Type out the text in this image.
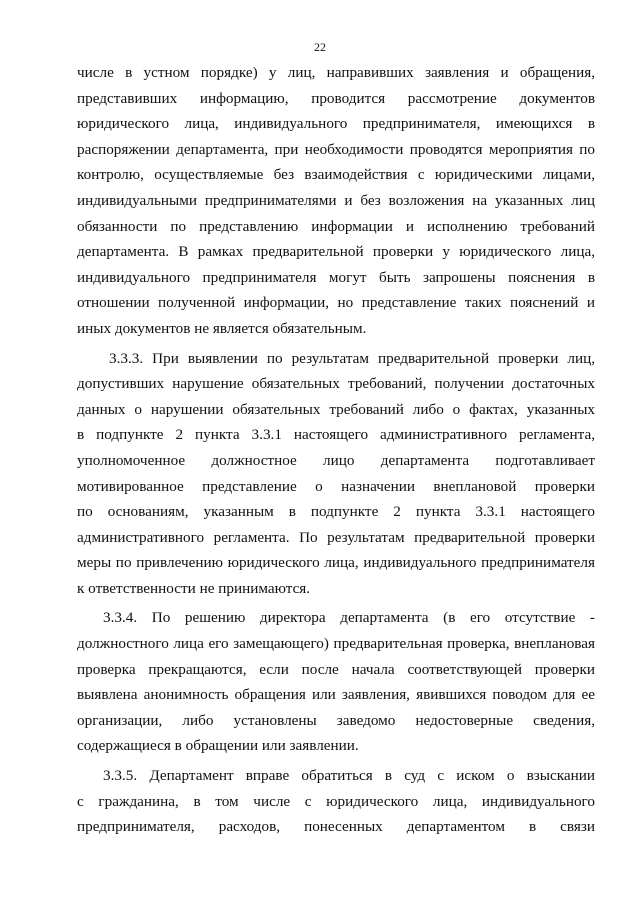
22
числе в устном порядке) у лиц, направивших заявления и обращения,
представивших информацию, проводится рассмотрение документов
юридического лица, индивидуального предпринимателя, имеющихся в
распоряжении департамента, при необходимости проводятся мероприятия по
контролю, осуществляемые без взаимодействия с юридическими лицами,
индивидуальными предпринимателями и без возложения на указанных лиц
обязанности по представлению информации и исполнению требований
департамента. В рамках предварительной проверки у юридического лица,
индивидуального предпринимателя могут быть запрошены пояснения в
отношении полученной информации, но представление таких пояснений и
иных документов не является обязательным.
3.3.3. При выявлении по результатам предварительной проверки лиц,
допустивших нарушение обязательных требований, получении достаточных
данных о нарушении обязательных требований либо о фактах, указанных
в подпункте 2 пункта 3.3.1 настоящего административного регламента,
уполномоченное должностное лицо департамента подготавливает
мотивированное представление о назначении внеплановой проверки
по основаниям, указанным в подпункте 2 пункта 3.3.1 настоящего
административного регламента. По результатам предварительной проверки
меры по привлечению юридического лица, индивидуального предпринимателя
к ответственности не принимаются.
3.3.4. По решению директора департамента (в его отсутствие -
должностного лица его замещающего) предварительная проверка, внеплановая
проверка прекращаются, если после начала соответствующей проверки
выявлена анонимность обращения или заявления, явившихся поводом для ее
организации, либо установлены заведомо недостоверные сведения,
содержащиеся в обращении или заявлении.
3.3.5. Департамент вправе обратиться в суд с иском о взыскании
с гражданина, в том числе с юридического лица, индивидуального
предпринимателя, расходов, понесенных департаментом в связи
